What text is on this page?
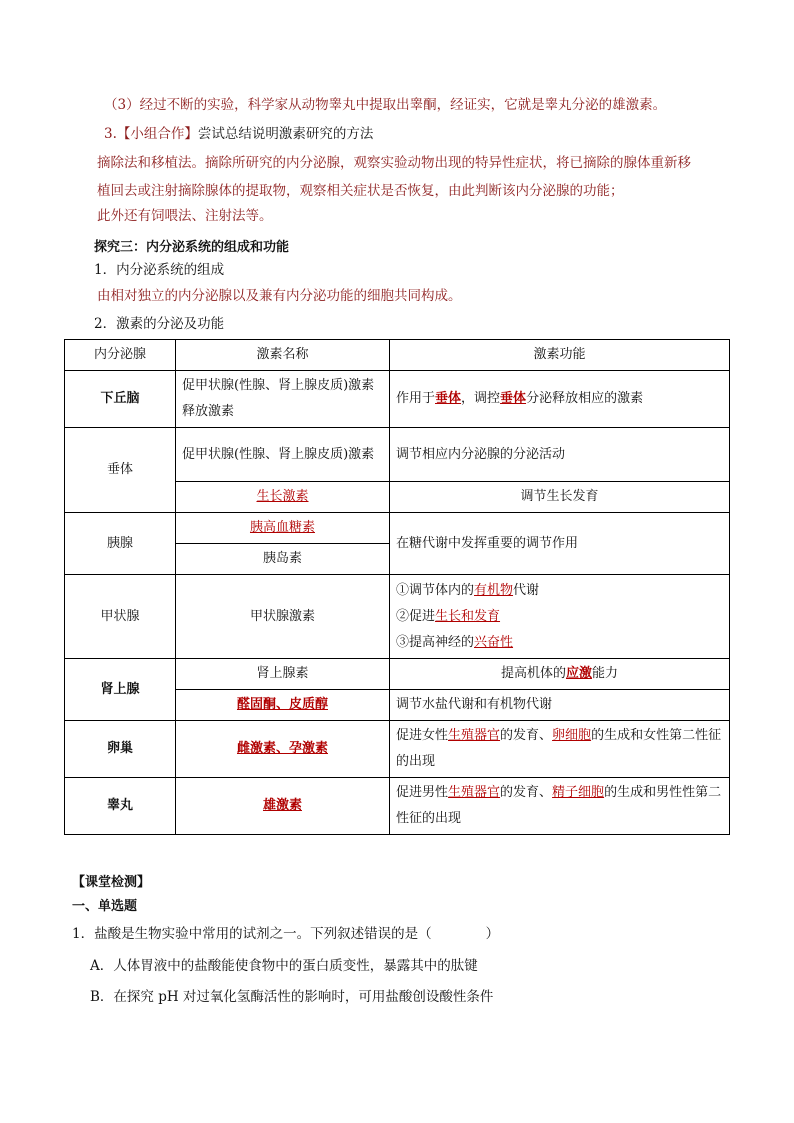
（3）经过不断的实验，科学家从动物睾丸中提取出睾酮，经证实，它就是睾丸分泌的雄激素。
3.【小组合作】尝试总结说明激素研究的方法
摘除法和移植法。摘除所研究的内分泌腺，观察实验动物出现的特异性症状，将已摘除的腺体重新移
植回去或注射摘除腺体的提取物，观察相关症状是否恢复，由此判断该内分泌腺的功能；
此外还有饲喂法、注射法等。
探究三：内分泌系统的组成和功能
1．内分泌系统的组成
由相对独立的内分泌腺以及兼有内分泌功能的细胞共同构成。
2．激素的分泌及功能
内分泌腺	激素名称	激素功能
下丘脑	促甲状腺(性腺、肾上腺皮质)激素释放激素	作用于垂体，调控垂体分泌释放相应的激素
垂体	促甲状腺(性腺、肾上腺皮质)激素	调节相应内分泌腺的分泌活动
	生长激素	调节生长发育
胰腺	胰高血糖素	在糖代谢中发挥重要的调节作用
	胰岛素	
甲状腺	甲状腺激素	①调节体内的有机物代谢
②促进生长和发育
③提高神经的兴奋性

肾上腺	肾上腺素	提高机体的应激能力
	醛固酮、皮质醇	调节水盐代谢和有机物代谢
卵巢	雌激素、孕激素	促进女性生殖器官的发育、卵细胞的生成和女性第二性征的出现
睾丸	雄激素	促进男性生殖器官的发育、精子细胞的生成和男性性第二性征的出现
【课堂检测】
一、单选题
1．盐酸是生物实验中常用的试剂之一。下列叙述错误的是（　　　　）
A．人体胃液中的盐酸能使食物中的蛋白质变性，暴露其中的肽键
B．在探究 pH 对过氧化氢酶活性的影响时，可用盐酸创设酸性条件
